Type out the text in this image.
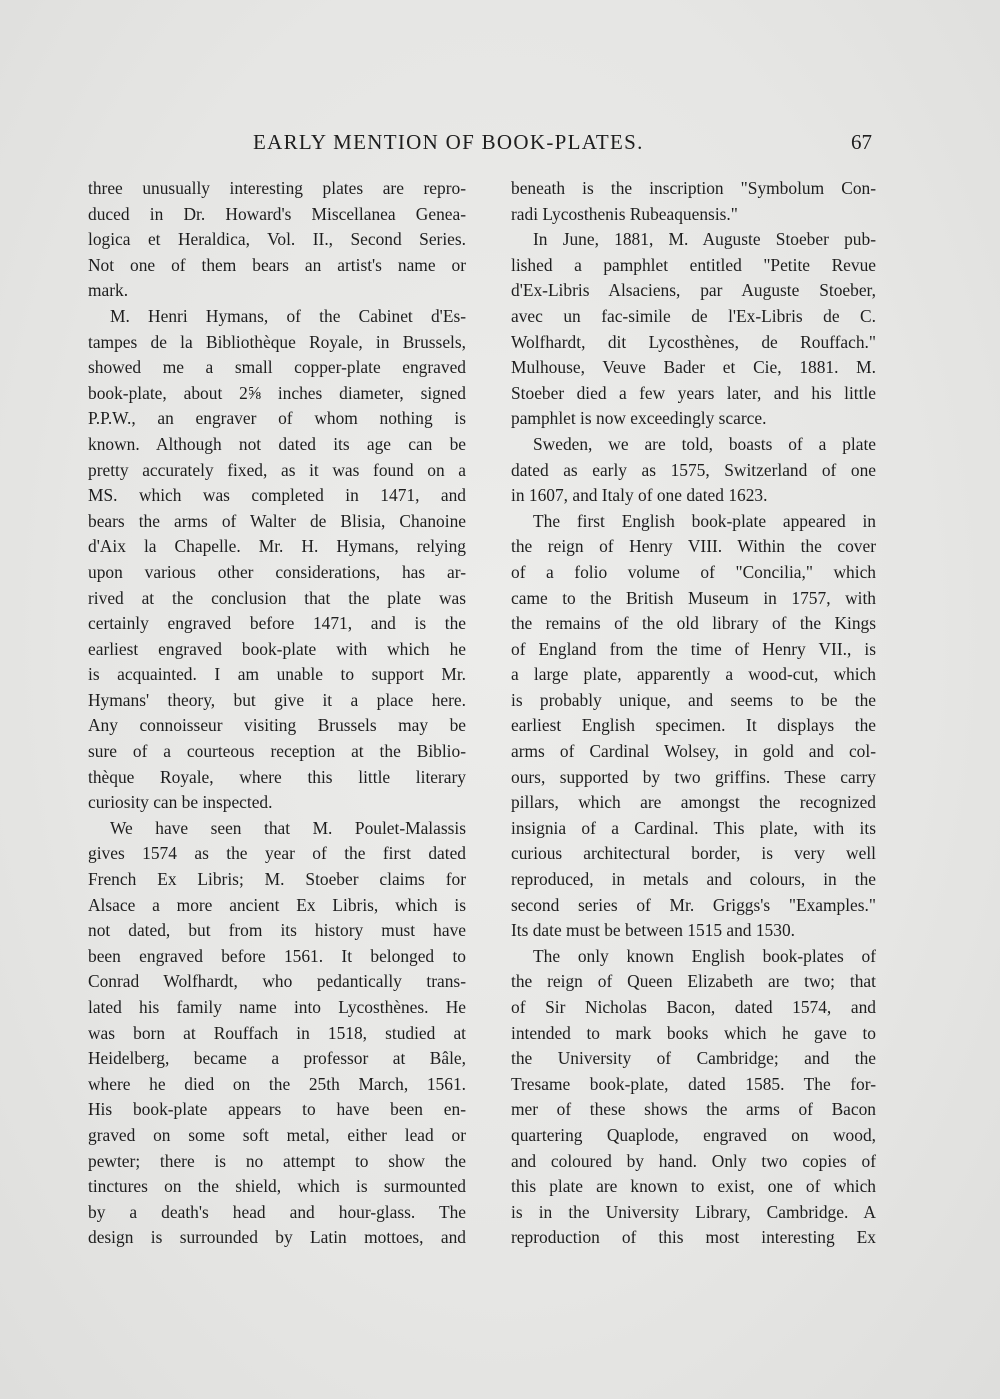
EARLY MENTION OF BOOK-PLATES.	67
three unusually interesting plates are repro-
duced in Dr. Howard's Miscellanea Genea-
logica et Heraldica, Vol. II., Second Series.
Not one of them bears an artist's name or
mark.
M. Henri Hymans, of the Cabinet d'Es-
tampes de la Bibliothèque Royale, in Brussels,
showed me a small copper-plate engraved
book-plate, about 2⅝ inches diameter, signed
P.P.W., an engraver of whom nothing is
known. Although not dated its age can be
pretty accurately fixed, as it was found on a
MS. which was completed in 1471, and
bears the arms of Walter de Blisia, Chanoine
d'Aix la Chapelle. Mr. H. Hymans, relying
upon various other considerations, has ar-
rived at the conclusion that the plate was
certainly engraved before 1471, and is the
earliest engraved book-plate with which he
is acquainted. I am unable to support Mr.
Hymans' theory, but give it a place here.
Any connoisseur visiting Brussels may be
sure of a courteous reception at the Biblio-
thèque Royale, where this little literary
curiosity can be inspected.
We have seen that M. Poulet-Malassis
gives 1574 as the year of the first dated
French Ex Libris; M. Stoeber claims for
Alsace a more ancient Ex Libris, which is
not dated, but from its history must have
been engraved before 1561. It belonged to
Conrad Wolfhardt, who pedantically trans-
lated his family name into Lycosthènes. He
was born at Rouffach in 1518, studied at
Heidelberg, became a professor at Bâle,
where he died on the 25th March, 1561.
His book-plate appears to have been en-
graved on some soft metal, either lead or
pewter; there is no attempt to show the
tinctures on the shield, which is surmounted
by a death's head and hour-glass. The
design is surrounded by Latin mottoes, and
beneath is the inscription "Symbolum Con-
radi Lycosthenis Rubeaquensis."
In June, 1881, M. Auguste Stoeber pub-
lished a pamphlet entitled "Petite Revue
d'Ex-Libris Alsaciens, par Auguste Stoeber,
avec un fac-simile de l'Ex-Libris de C.
Wolfhardt, dit Lycosthènes, de Rouffach."
Mulhouse, Veuve Bader et Cie, 1881. M.
Stoeber died a few years later, and his little
pamphlet is now exceedingly scarce.
Sweden, we are told, boasts of a plate
dated as early as 1575, Switzerland of one
in 1607, and Italy of one dated 1623.
The first English book-plate appeared in
the reign of Henry VIII. Within the cover
of a folio volume of "Concilia," which
came to the British Museum in 1757, with
the remains of the old library of the Kings
of England from the time of Henry VII., is
a large plate, apparently a wood-cut, which
is probably unique, and seems to be the
earliest English specimen. It displays the
arms of Cardinal Wolsey, in gold and col-
ours, supported by two griffins. These carry
pillars, which are amongst the recognized
insignia of a Cardinal. This plate, with its
curious architectural border, is very well
reproduced, in metals and colours, in the
second series of Mr. Griggs's "Examples."
Its date must be between 1515 and 1530.
The only known English book-plates of
the reign of Queen Elizabeth are two; that
of Sir Nicholas Bacon, dated 1574, and
intended to mark books which he gave to
the University of Cambridge; and the
Tresame book-plate, dated 1585. The for-
mer of these shows the arms of Bacon
quartering Quaplode, engraved on wood,
and coloured by hand. Only two copies of
this plate are known to exist, one of which
is in the University Library, Cambridge. A
reproduction of this most interesting Ex
